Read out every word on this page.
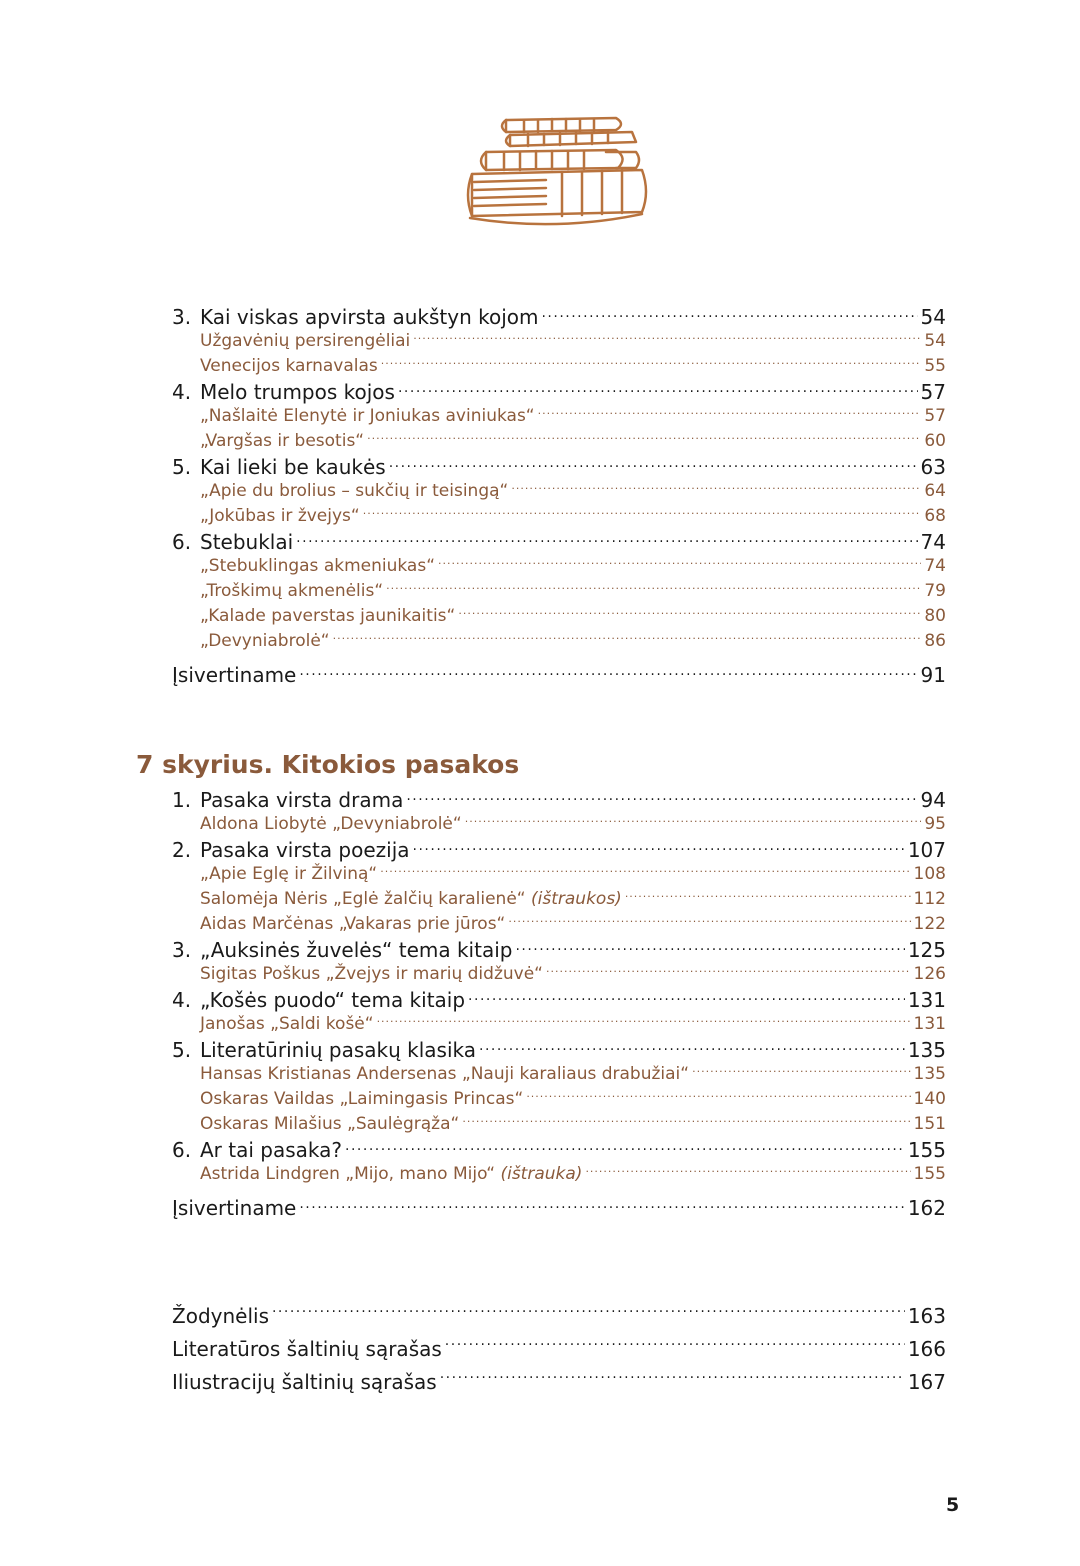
3. Kai viskas apvirsta aukštyn kojom .....	54
Užgavėnių persirengėliai .....	54
Venecijos karnavalas .....	55
4. Melo trumpos kojos .....	57
„Našlaitė Elenytė ir Joniukas aviniukas“ .....	57
„Vargšas ir besotis“ .....	60
5. Kai lieki be kaukės .....	63
„Apie du brolius – sukčių ir teisingą“ .....	64
„Jokūbas ir žvejys“ .....	68
6. Stebuklai .....	74
„Stebuklingas akmeniukas“ .....	74
„Troškimų akmenėlis“ .....	79
„Kalade paverstas jaunikaitis“ .....	80
„Devyniabrolė“ .....	86
Įsivertiname .....	91
7 skyrius. Kitokios pasakos
1. Pasaka virsta drama .....	94
Aldona Liobytė „Devyniabrolė“ .....	95
2. Pasaka virsta poezija .....	107
„Apie Eglę ir Žilviną“ .....	108
Salomėja Nėris „Eglė žalčių karalienė“ (ištraukos) .....	112
Aidas Marčėnas „Vakaras prie jūros“ .....	122
3. „Auksinės žuvelės“ tema kitaip .....	125
Sigitas Poškus „Žvejys ir marių didžuvė“ .....	126
4. „Košės puodo“ tema kitaip .....	131
Janošas „Saldi košė“ .....	131
5. Literatūrinių pasakų klasika .....	135
Hansas Kristianas Andersenas „Nauji karaliaus drabužiai“ .....	135
Oskaras Vaildas „Laimingasis Princas“ .....	140
Oskaras Milašius „Saulėgrąža“ .....	151
6. Ar tai pasaka? .....	155
Astrida Lindgren „Mijo, mano Mijo“ (ištrauka) .....	155
Įsivertiname .....	162
Žodynėlis .....	163
Literatūros šaltinių sąrašas .....	166
Iliustracijų šaltinių sąrašas .....	167
5
